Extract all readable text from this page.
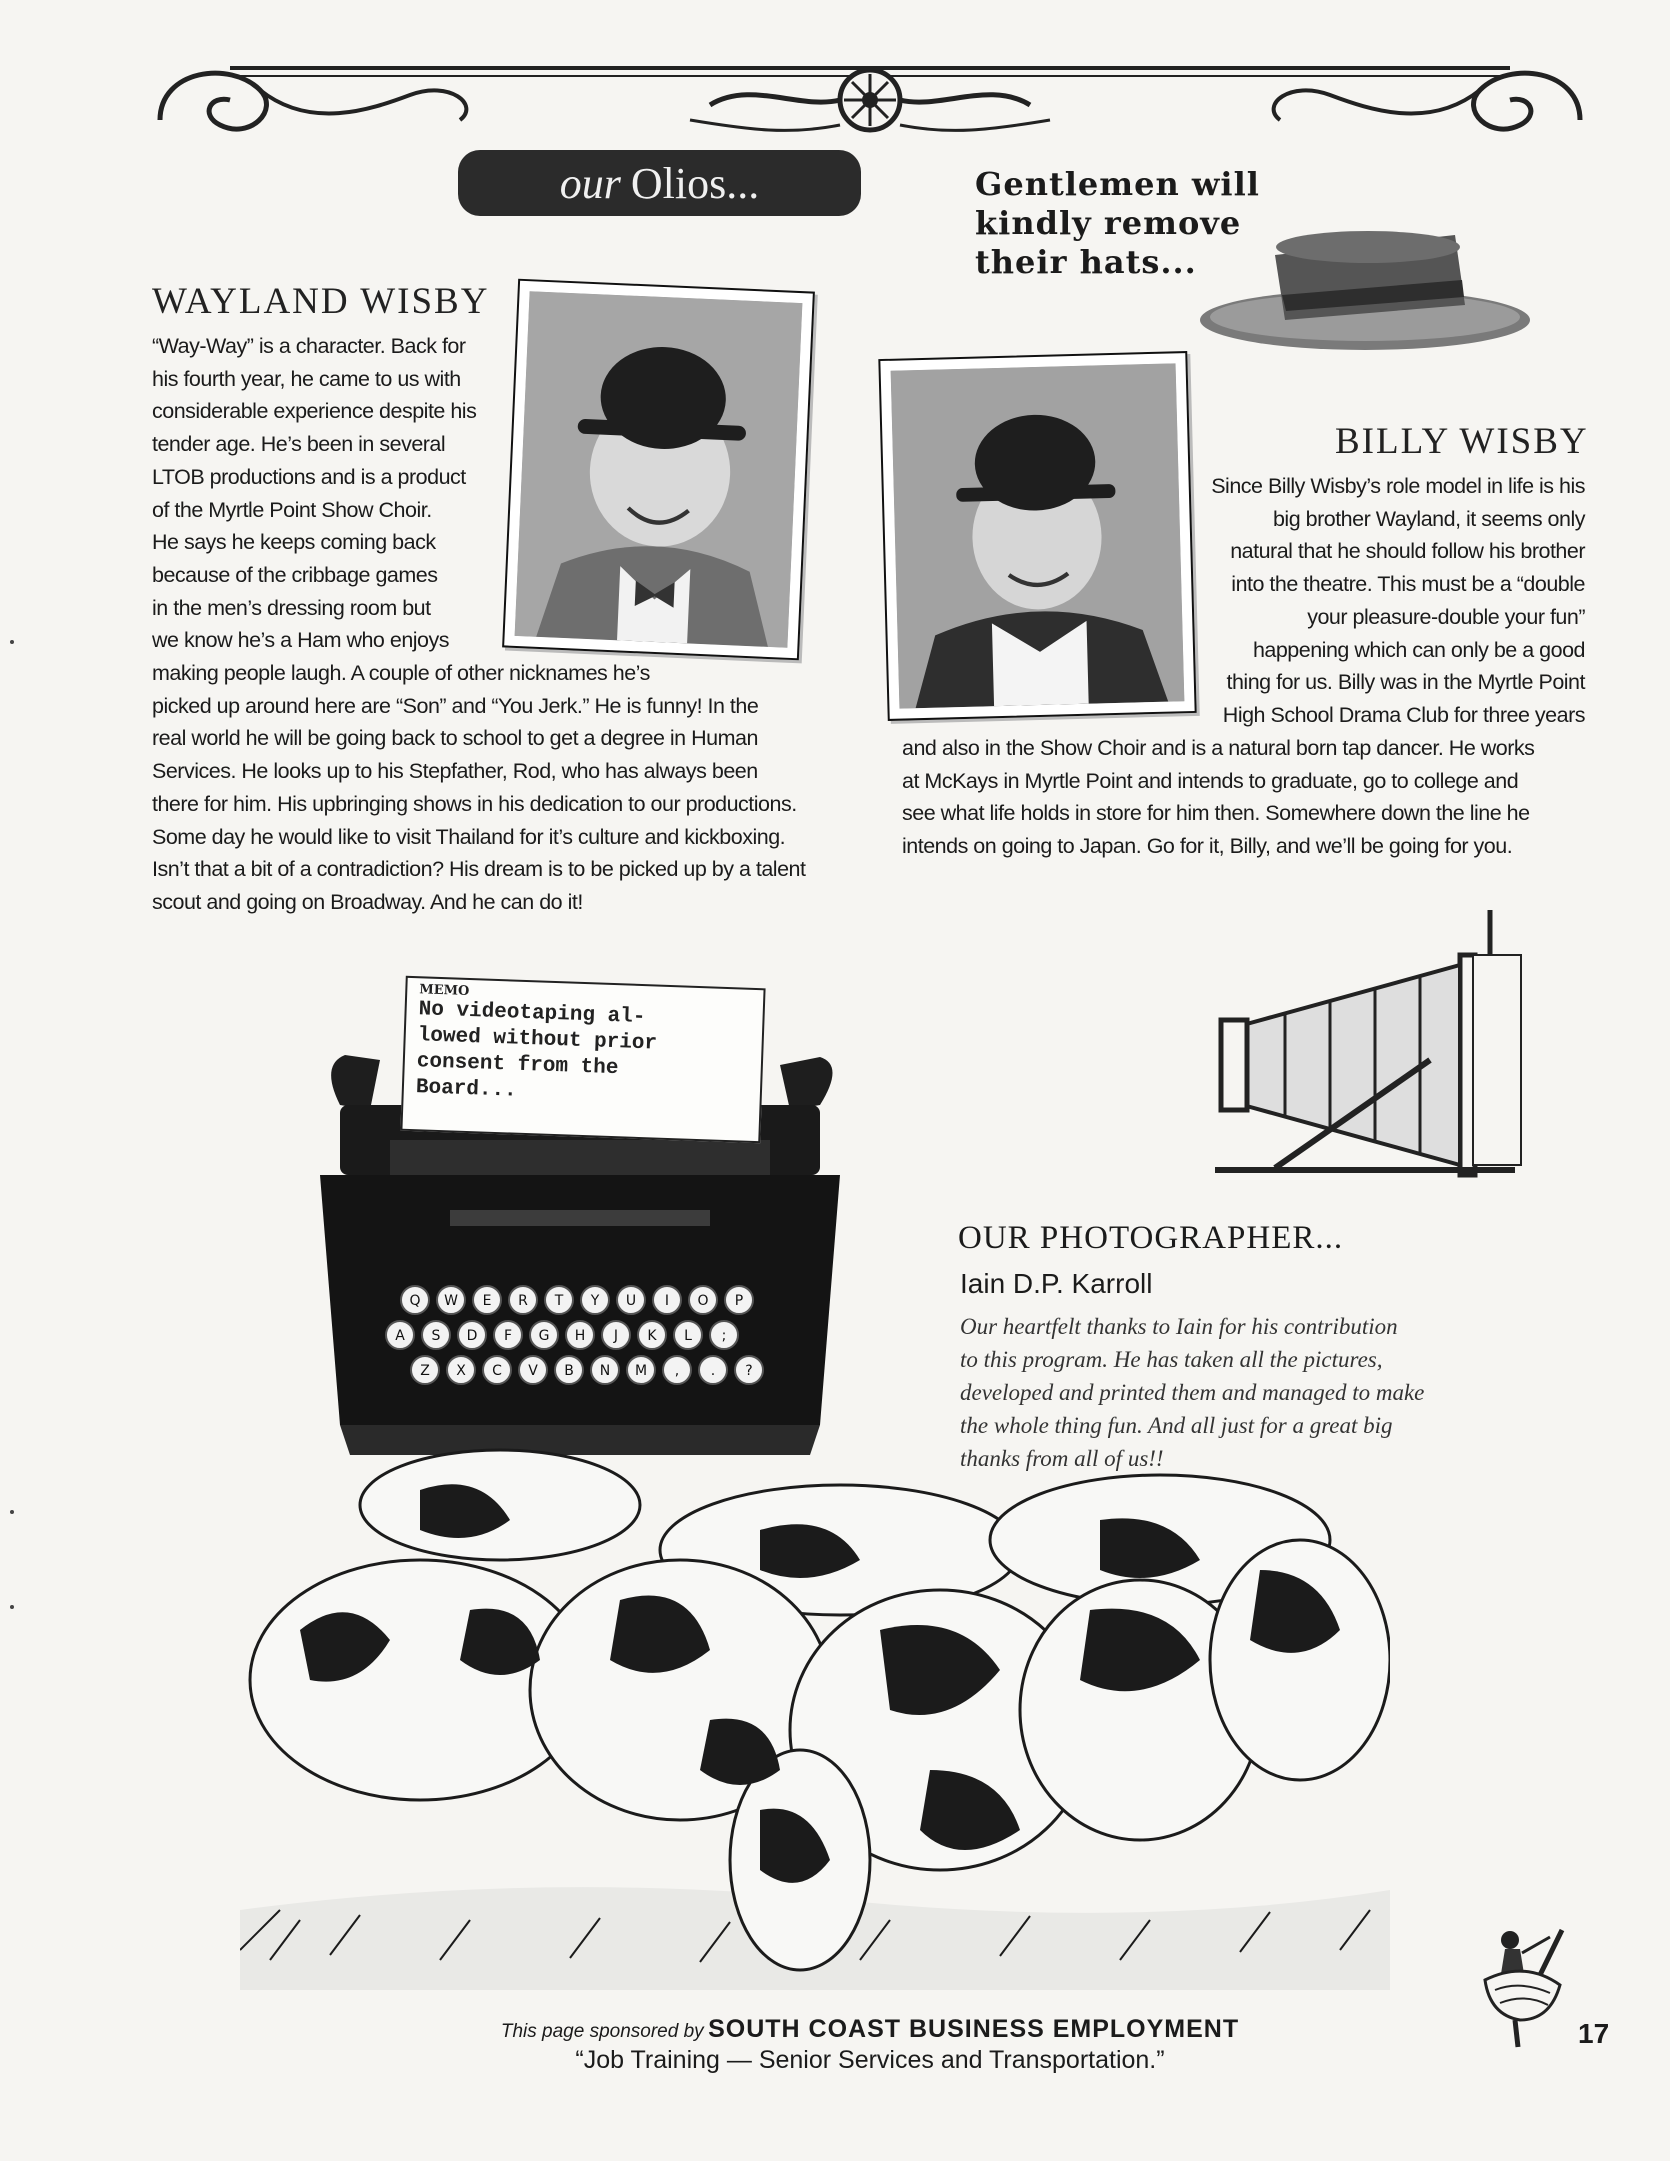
our Olios...	Gentlemen will
kindly remove
their hats...
WAYLAND WISBY
“Way-Way” is a character. Back for
his fourth year, he came to us with
considerable experience despite his
tender age. He’s been in several
LTOB productions and is a product
of the Myrtle Point Show Choir.
He says he keeps coming back
because of the cribbage games
in the men’s dressing room but
we know he’s a Ham who enjoys
making people laugh. A couple of other nicknames he’s
picked up around here are “Son” and “You Jerk.” He is funny! In the
real world he will be going back to school to get a degree in Human
Services. He looks up to his Stepfather, Rod, who has always been
there for him. His upbringing shows in his dedication to our productions.
Some day he would like to visit Thailand for it’s culture and kickboxing.
Isn’t that a bit of a contradiction? His dream is to be picked up by a talent
scout and going on Broadway. And he can do it!
BILLY WISBY
Since Billy Wisby’s role model in life is his
big brother Wayland, it seems only
natural that he should follow his brother
into the theatre. This must be a “double
your pleasure-double your fun”
happening which can only be a good
thing for us. Billy was in the Myrtle Point
High School Drama Club for three years
and also in the Show Choir and is a natural born tap dancer. He works
at McKays in Myrtle Point and intends to graduate, go to college and
see what life holds in store for him then. Somewhere down the line he
intends on going to Japan. Go for it, Billy, and we’ll be going for you.
Q W E R T Y U I O P
A S D F G H J K L ;
Z X C V B N M , . ?
MEMO
No videotaping al-
lowed without prior
consent from the
Board...
OUR PHOTOGRAPHER...
Iain D.P. Karroll
Our heartfelt thanks to Iain for his contribution
to this program. He has taken all the pictures,
developed and printed them and managed to make
the whole thing fun. And all just for a great big
thanks from all of us!!
This page sponsored by SOUTH COAST BUSINESS EMPLOYMENT
“Job Training — Senior Services and Transportation.”
17
